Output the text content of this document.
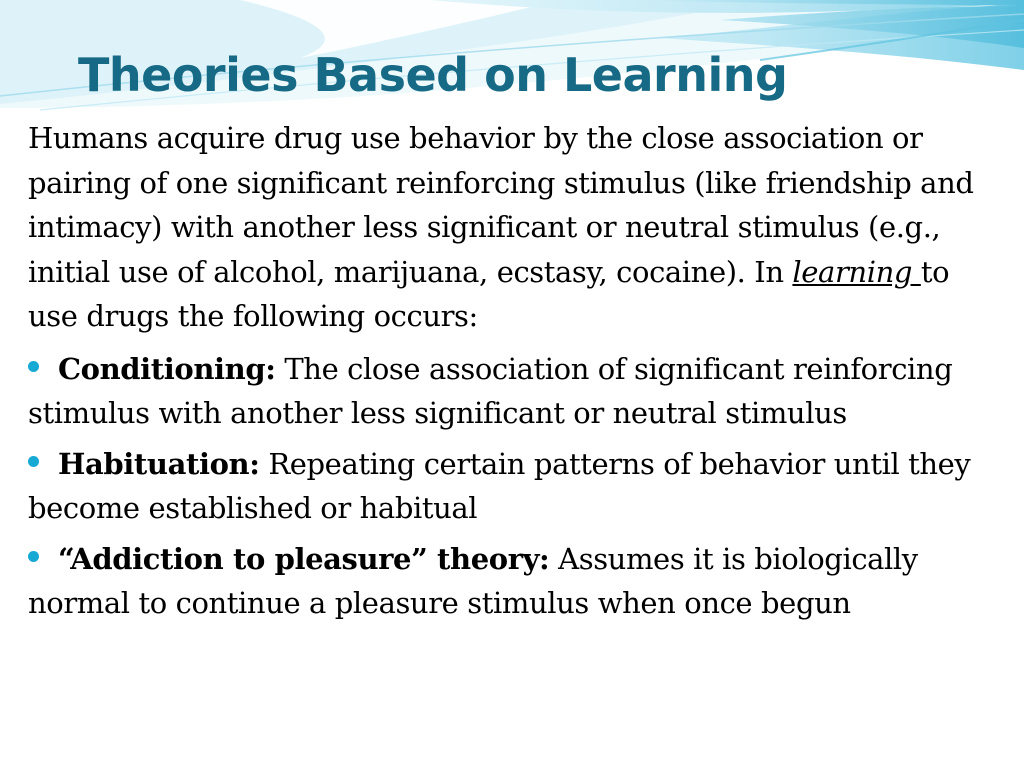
Theories Based on Learning

Humans acquire drug use behavior by the close association or pairing of one significant reinforcing stimulus (like friendship and intimacy) with another less significant or neutral stimulus (e.g., initial use of alcohol, marijuana, ecstasy, cocaine). In learning to use drugs the following occurs:

Conditioning: The close association of significant reinforcing stimulus with another less significant or neutral stimulus
Habituation: Repeating certain patterns of behavior until they become established or habitual
“Addiction to pleasure” theory: Assumes it is biologically normal to continue a pleasure stimulus when once begun
